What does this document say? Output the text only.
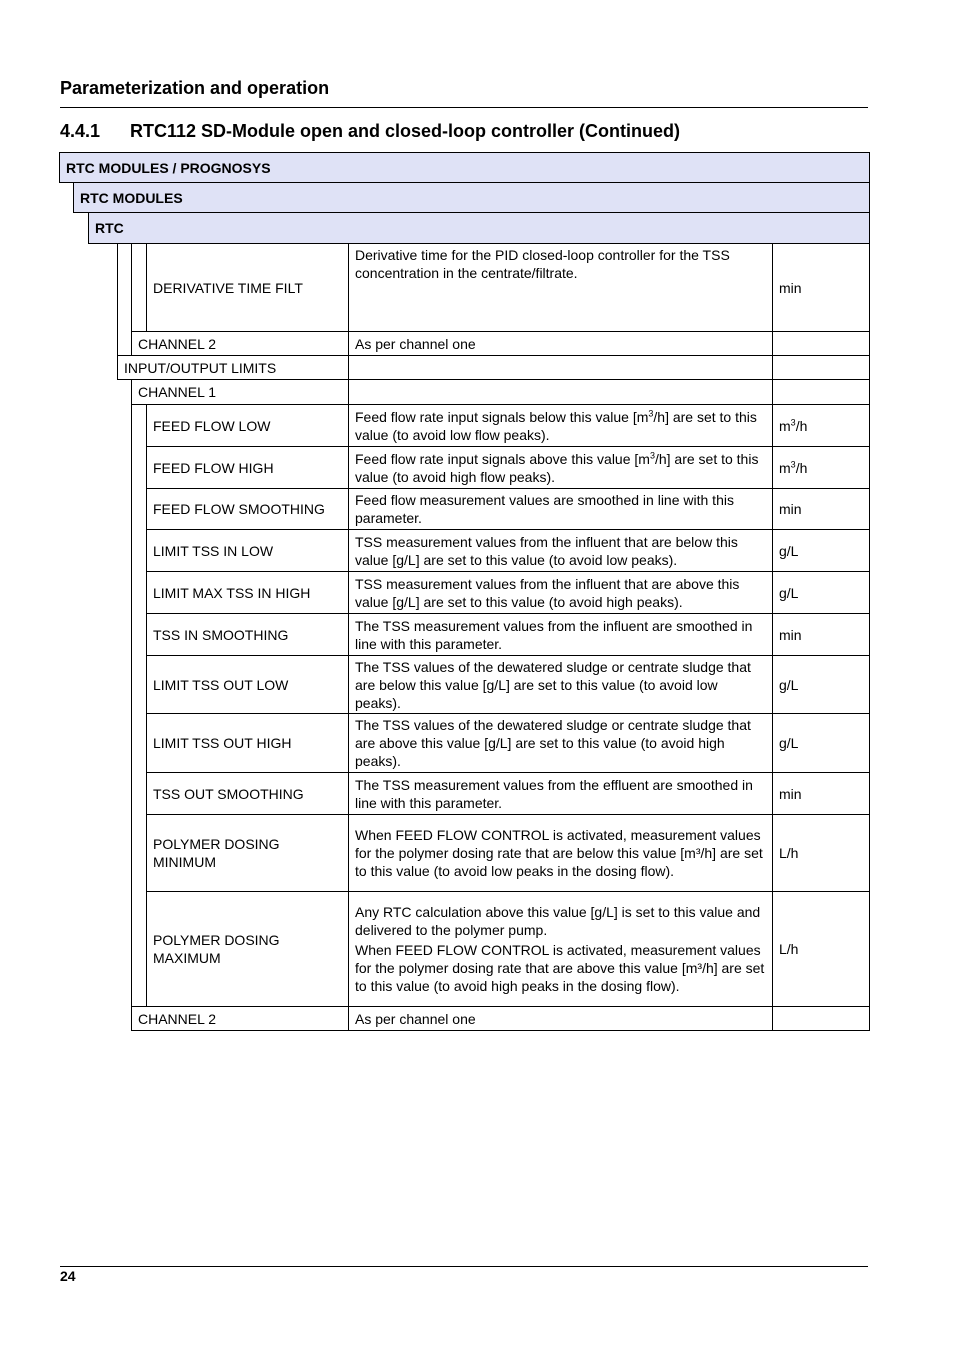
Parameterization and operation
4.4.1 RTC112 SD-Module open and closed-loop controller (Continued)
RTC MODULES / PROGNOSYS
RTC MODULES
RTC
DERIVATIVE TIME FILT
Derivative time for the PID closed-loop controller for the TSS concentration in the centrate/filtrate.
min
CHANNEL 2	As per channel one
INPUT/OUTPUT LIMITS
CHANNEL 1
FEED FLOW LOW
Feed flow rate input signals below this value $[m^3/h]$ are set to this value (to avoid low flow peaks).
$m^3/h$
FEED FLOW HIGH
Feed flow rate input signals above this value $[m^3/h]$ are set to this value (to avoid high flow peaks).
$m^3/h$
FEED FLOW SMOOTHING
Feed flow measurement values are smoothed in line with this parameter.
min
LIMIT TSS IN LOW
TSS measurement values from the influent that are below this value [g/L] are set to this value (to avoid low peaks).
g/L
LIMIT MAX TSS IN HIGH
TSS measurement values from the influent that are above this value [g/L] are set to this value (to avoid high peaks).
g/L
TSS IN SMOOTHING
The TSS measurement values from the influent are smoothed in line with this parameter.
min
LIMIT TSS OUT LOW
The TSS values of the dewatered sludge or centrate sludge that are below this value [g/L] are set to this value (to avoid low peaks).
g/L
LIMIT TSS OUT HIGH
The TSS values of the dewatered sludge or centrate sludge that are above this value [g/L] are set to this value (to avoid high peaks).
g/L
TSS OUT SMOOTHING
The TSS measurement values from the effluent are smoothed in line with this parameter.
min
POLYMER DOSING MINIMUM
When FEED FLOW CONTROL is activated, measurement values for the polymer dosing rate that are below this value [m³/h] are set to this value (to avoid low peaks in the dosing flow).
L/h
POLYMER DOSING MAXIMUM

Any RTC calculation above this value [g/L] is set to this value and delivered to the polymer pump.

When FEED FLOW CONTROL is activated, measurement values for the polymer dosing rate that are above this value [m³/h] are set to this value (to avoid high peaks in the dosing flow).

L/h
CHANNEL 2	As per channel one
24
